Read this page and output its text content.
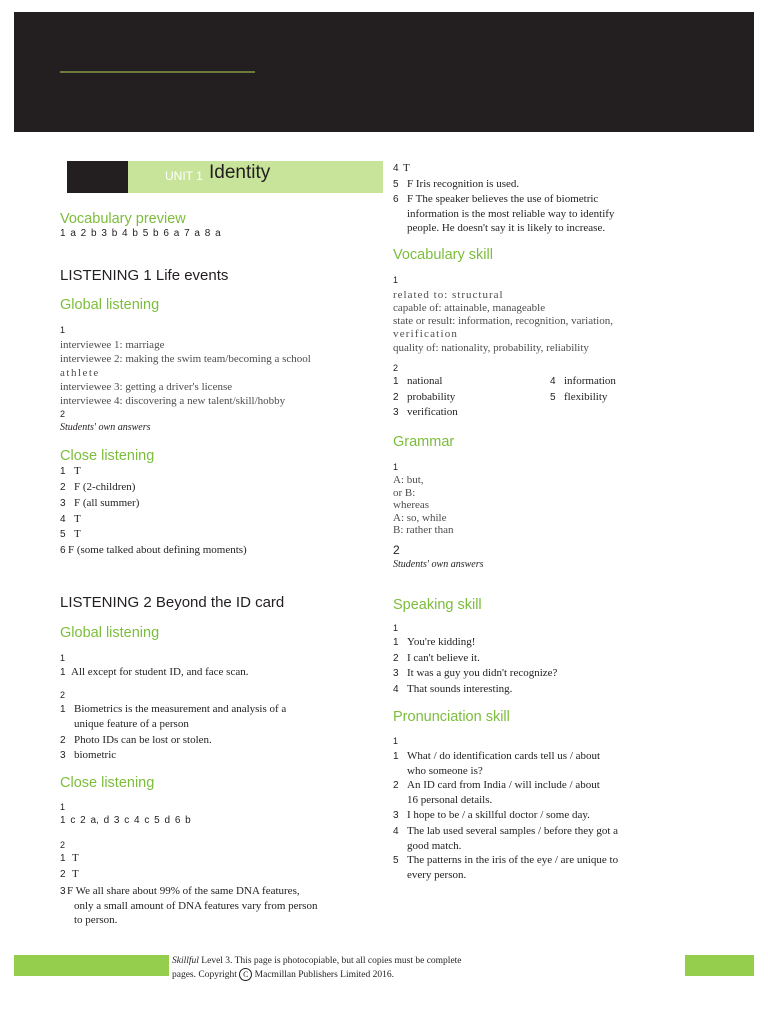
UNIT 1 Identity
Vocabulary preview
1 a 2 b 3 b 4 b 5 b 6 a 7 a 8 a
LISTENING 1 Life events
Global listening
1
interviewee 1: marriage
interviewee 2: making the swim team/becoming a school
athlete
interviewee 3: getting a driver's license
interviewee 4: discovering a new talent/skill/hobby
2
Students' own answers
Close listening
1 T
2 F (2-children)
3 F (all summer)
4 T
5 T
6 F (some talked about defining moments)
LISTENING 2 Beyond the ID card
Global listening
1
1 All except for student ID, and face scan.
2
1 Biometrics is the measurement and analysis of a
unique feature of a person
2 Photo IDs can be lost or stolen.
3 biometric
Close listening
1
1 c 2 a, d 3 c 4 c 5 d 6 b
2
1 T
2 T
3F We all share about 99% of the same DNA features,
only a small amount of DNA features vary from person
to person.
4 T
5 F Iris recognition is used.
6 F The speaker believes the use of biometric
information is the most reliable way to identify
people. He doesn't say it is likely to increase.
Vocabulary skill
1
related to: structural
capable of: attainable, manageable
state or result: information, recognition, variation,
verification
quality of: nationality, probability, reliability
2
1 national
2 probability
3 verification
4 information
5 flexibility
Grammar
1
A: but,
or B:
whereas
A: so, while
B: rather than
2
Students' own answers
Speaking skill
1
1 You're kidding!
2 I can't believe it.
3 It was a guy you didn't recognize?
4 That sounds interesting.
Pronunciation skill
1
1 What / do identification cards tell us / about
who someone is?
2 An ID card from India / will include / about
16 personal details.
3 I hope to be / a skillful doctor / some day.
4 The lab used several samples / before they got a
good match.
5 The patterns in the iris of the eye / are unique to
every person.
Skillful Level 3. This page is photocopiable, but all copies must be complete
pages. Copyright C Macmillan Publishers Limited 2016.
